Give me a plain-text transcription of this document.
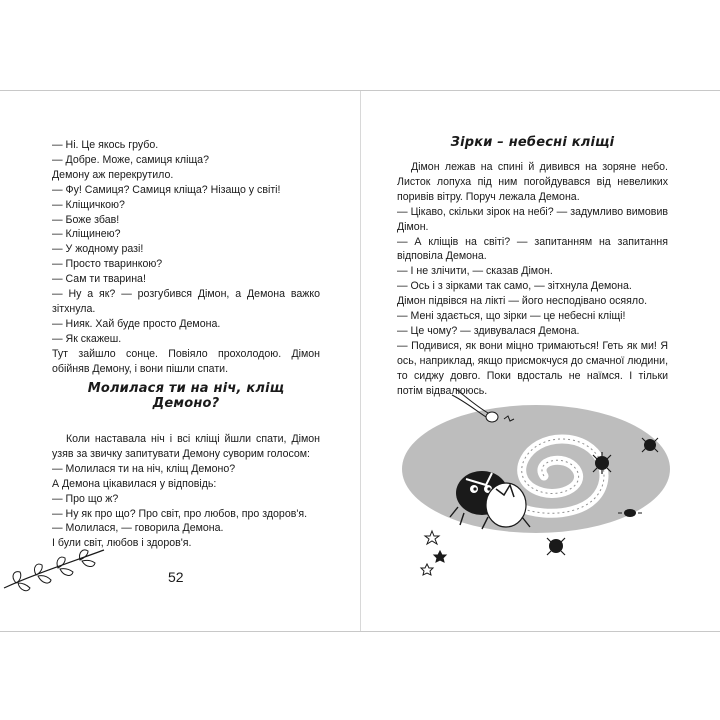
— Ні. Це якось грубо.

— Добре. Може, самиця кліща?

Демону аж перекрутило.

— Фу! Самиця? Самиця кліща? Нізащо у світі!

— Кліщичкою?

— Боже збав!

— Кліщинею?

— У жодному разі!

— Просто тваринкою?

— Сам ти тварина!

— Ну а як? — розгубився Дімон, а Демона важко зітхнула.

— Нияк. Хай буде просто Демона.

— Як скажеш.

Тут зайшло сонце. Повіяло прохолодою. Дімон обійняв Демону, і вони пішли спати.

Молилася ти на ніч, кліщ Демоно?

Коли наставала ніч і всі кліщі йшли спати, Дімон узяв за звичку запитувати Демону суворим голосом:

— Молилася ти на ніч, кліщ Демоно?

А Демона цікавилася у відповідь:

— Про що ж?

— Ну як про що? Про світ, про любов, про здоров'я.

— Молилася, — говорила Демона.

І були світ, любов і здоров'я.

52
Зірки – небесні кліщі

Дімон лежав на спині й дивився на зоряне небо. Листок лопуха під ним погойдувався від невеликих поривів вітру. Поруч лежала Демона.

— Цікаво, скільки зірок на небі? — задумливо вимовив Дімон.

— А кліщів на світі? — запитанням на запитання відповіла Демона.

— І не злічити, — сказав Дімон.

— Ось і з зірками так само, — зітхнула Демона.

Дімон підвівся на лікті — його несподівано осяяло.

— Мені здається, що зірки — це небесні кліщі!

— Це чому? — здивувалася Демона.

— Подивися, як вони міцно тримаються! Геть як ми! Я ось, наприклад, якщо присмокчуся до смачної людини, то сиджу довго. Поки вдосталь не наїмся. І тільки потім відвалююсь.
